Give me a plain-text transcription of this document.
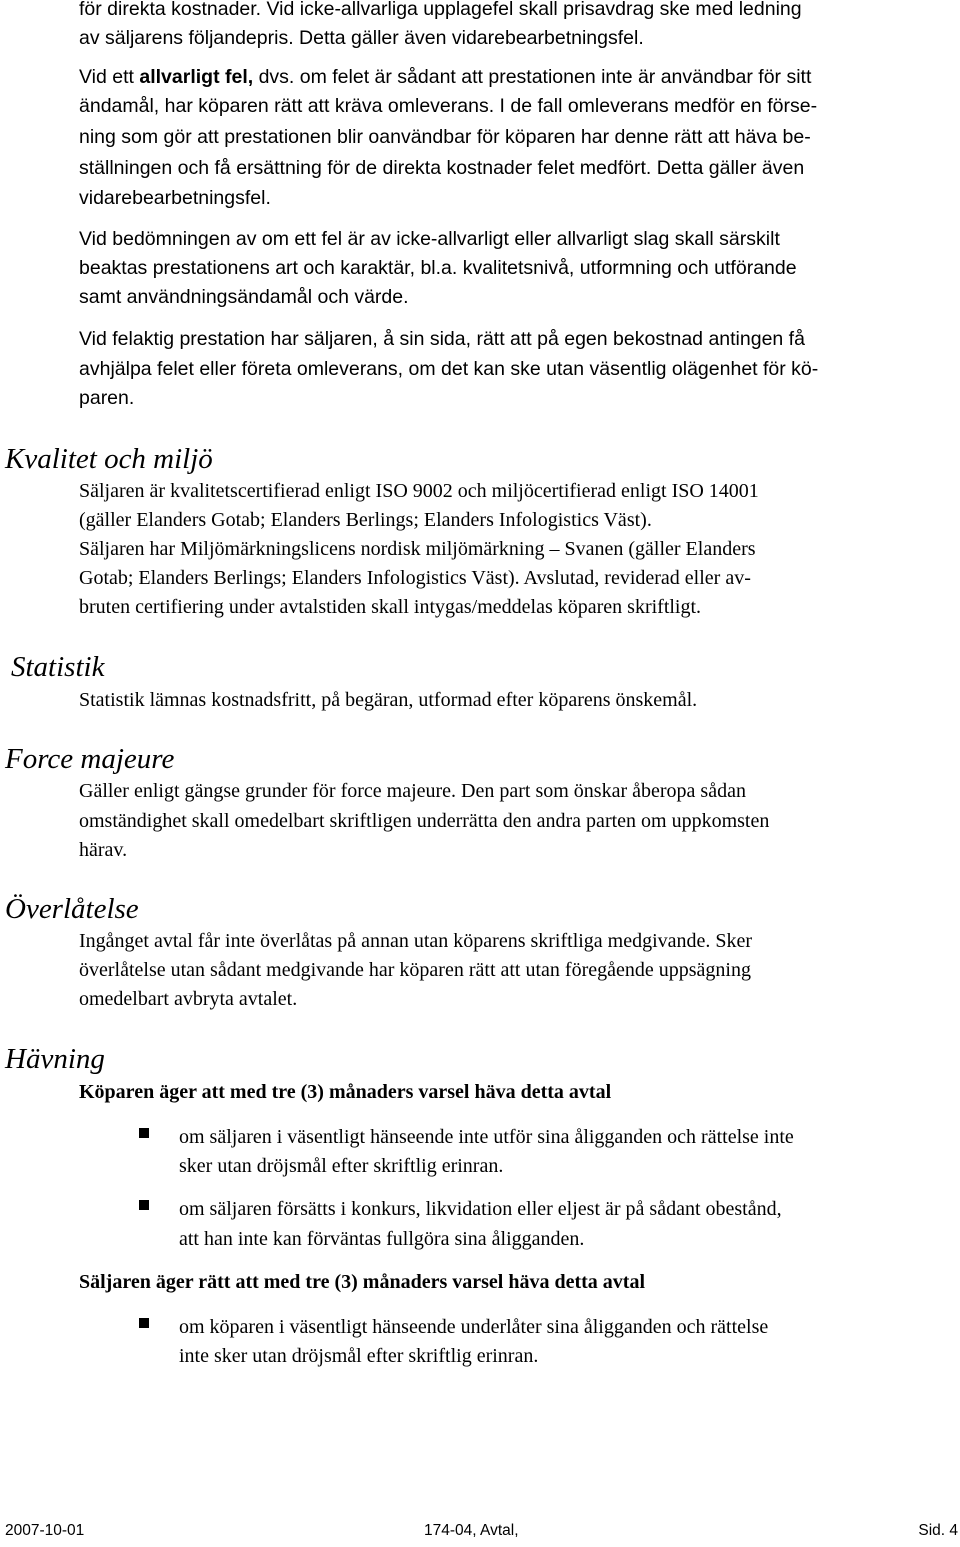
för direkta kostnader. Vid icke-allvarliga upplagefel skall prisavdrag ske med ledning
av säljarens följandepris. Detta gäller även vidarebearbetningsfel.
Vid ett allvarligt fel, dvs. om felet är sådant att prestationen inte är användbar för sitt
ändamål, har köparen rätt att kräva omleverans. I de fall omleverans medför en förse-
ning som gör att prestationen blir oanvändbar för köparen har denne rätt att häva be-
ställningen och få ersättning för de direkta kostnader felet medfört. Detta gäller även
vidarebearbetningsfel.
Vid bedömningen av om ett fel är av icke-allvarligt eller allvarligt slag skall särskilt
beaktas prestationens art och karaktär, bl.a. kvalitetsnivå, utformning och utförande
samt användningsändamål och värde.
Vid felaktig prestation har säljaren, å sin sida, rätt att på egen bekostnad antingen få
avhjälpa felet eller företa omleverans, om det kan ske utan väsentlig olägenhet för kö-
paren.
Kvalitet och miljö
Säljaren är kvalitetscertifierad enligt ISO 9002 och miljöcertifierad enligt ISO 14001
(gäller Elanders Gotab; Elanders Berlings; Elanders Infologistics Väst).
Säljaren har Miljömärkningslicens nordisk miljömärkning – Svanen (gäller Elanders
Gotab; Elanders Berlings; Elanders Infologistics Väst). Avslutad, reviderad eller av-
bruten certifiering under avtalstiden skall intygas/meddelas köparen skriftligt.
Statistik
Statistik lämnas kostnadsfritt, på begäran, utformad efter köparens önskemål.
Force majeure
Gäller enligt gängse grunder för force majeure. Den part som önskar åberopa sådan
omständighet skall omedelbart skriftligen underrätta den andra parten om uppkomsten
härav.
Överlåtelse
Ingånget avtal får inte överlåtas på annan utan köparens skriftliga medgivande. Sker
överlåtelse utan sådant medgivande har köparen rätt att utan föregående uppsägning
omedelbart avbryta avtalet.
Hävning
Köparen äger att med tre (3) månaders varsel häva detta avtal
om säljaren i väsentligt hänseende inte utför sina åligganden och rättelse inte
sker utan dröjsmål efter skriftlig erinran.
om säljaren försätts i konkurs, likvidation eller eljest är på sådant obestånd,
att han inte kan förväntas fullgöra sina åligganden.
Säljaren äger rätt att med tre (3) månaders varsel häva detta avtal
om köparen i väsentligt hänseende underlåter sina åligganden och rättelse
inte sker utan dröjsmål efter skriftlig erinran.
2007-10-01	174-04, Avtal,	Sid. 4
